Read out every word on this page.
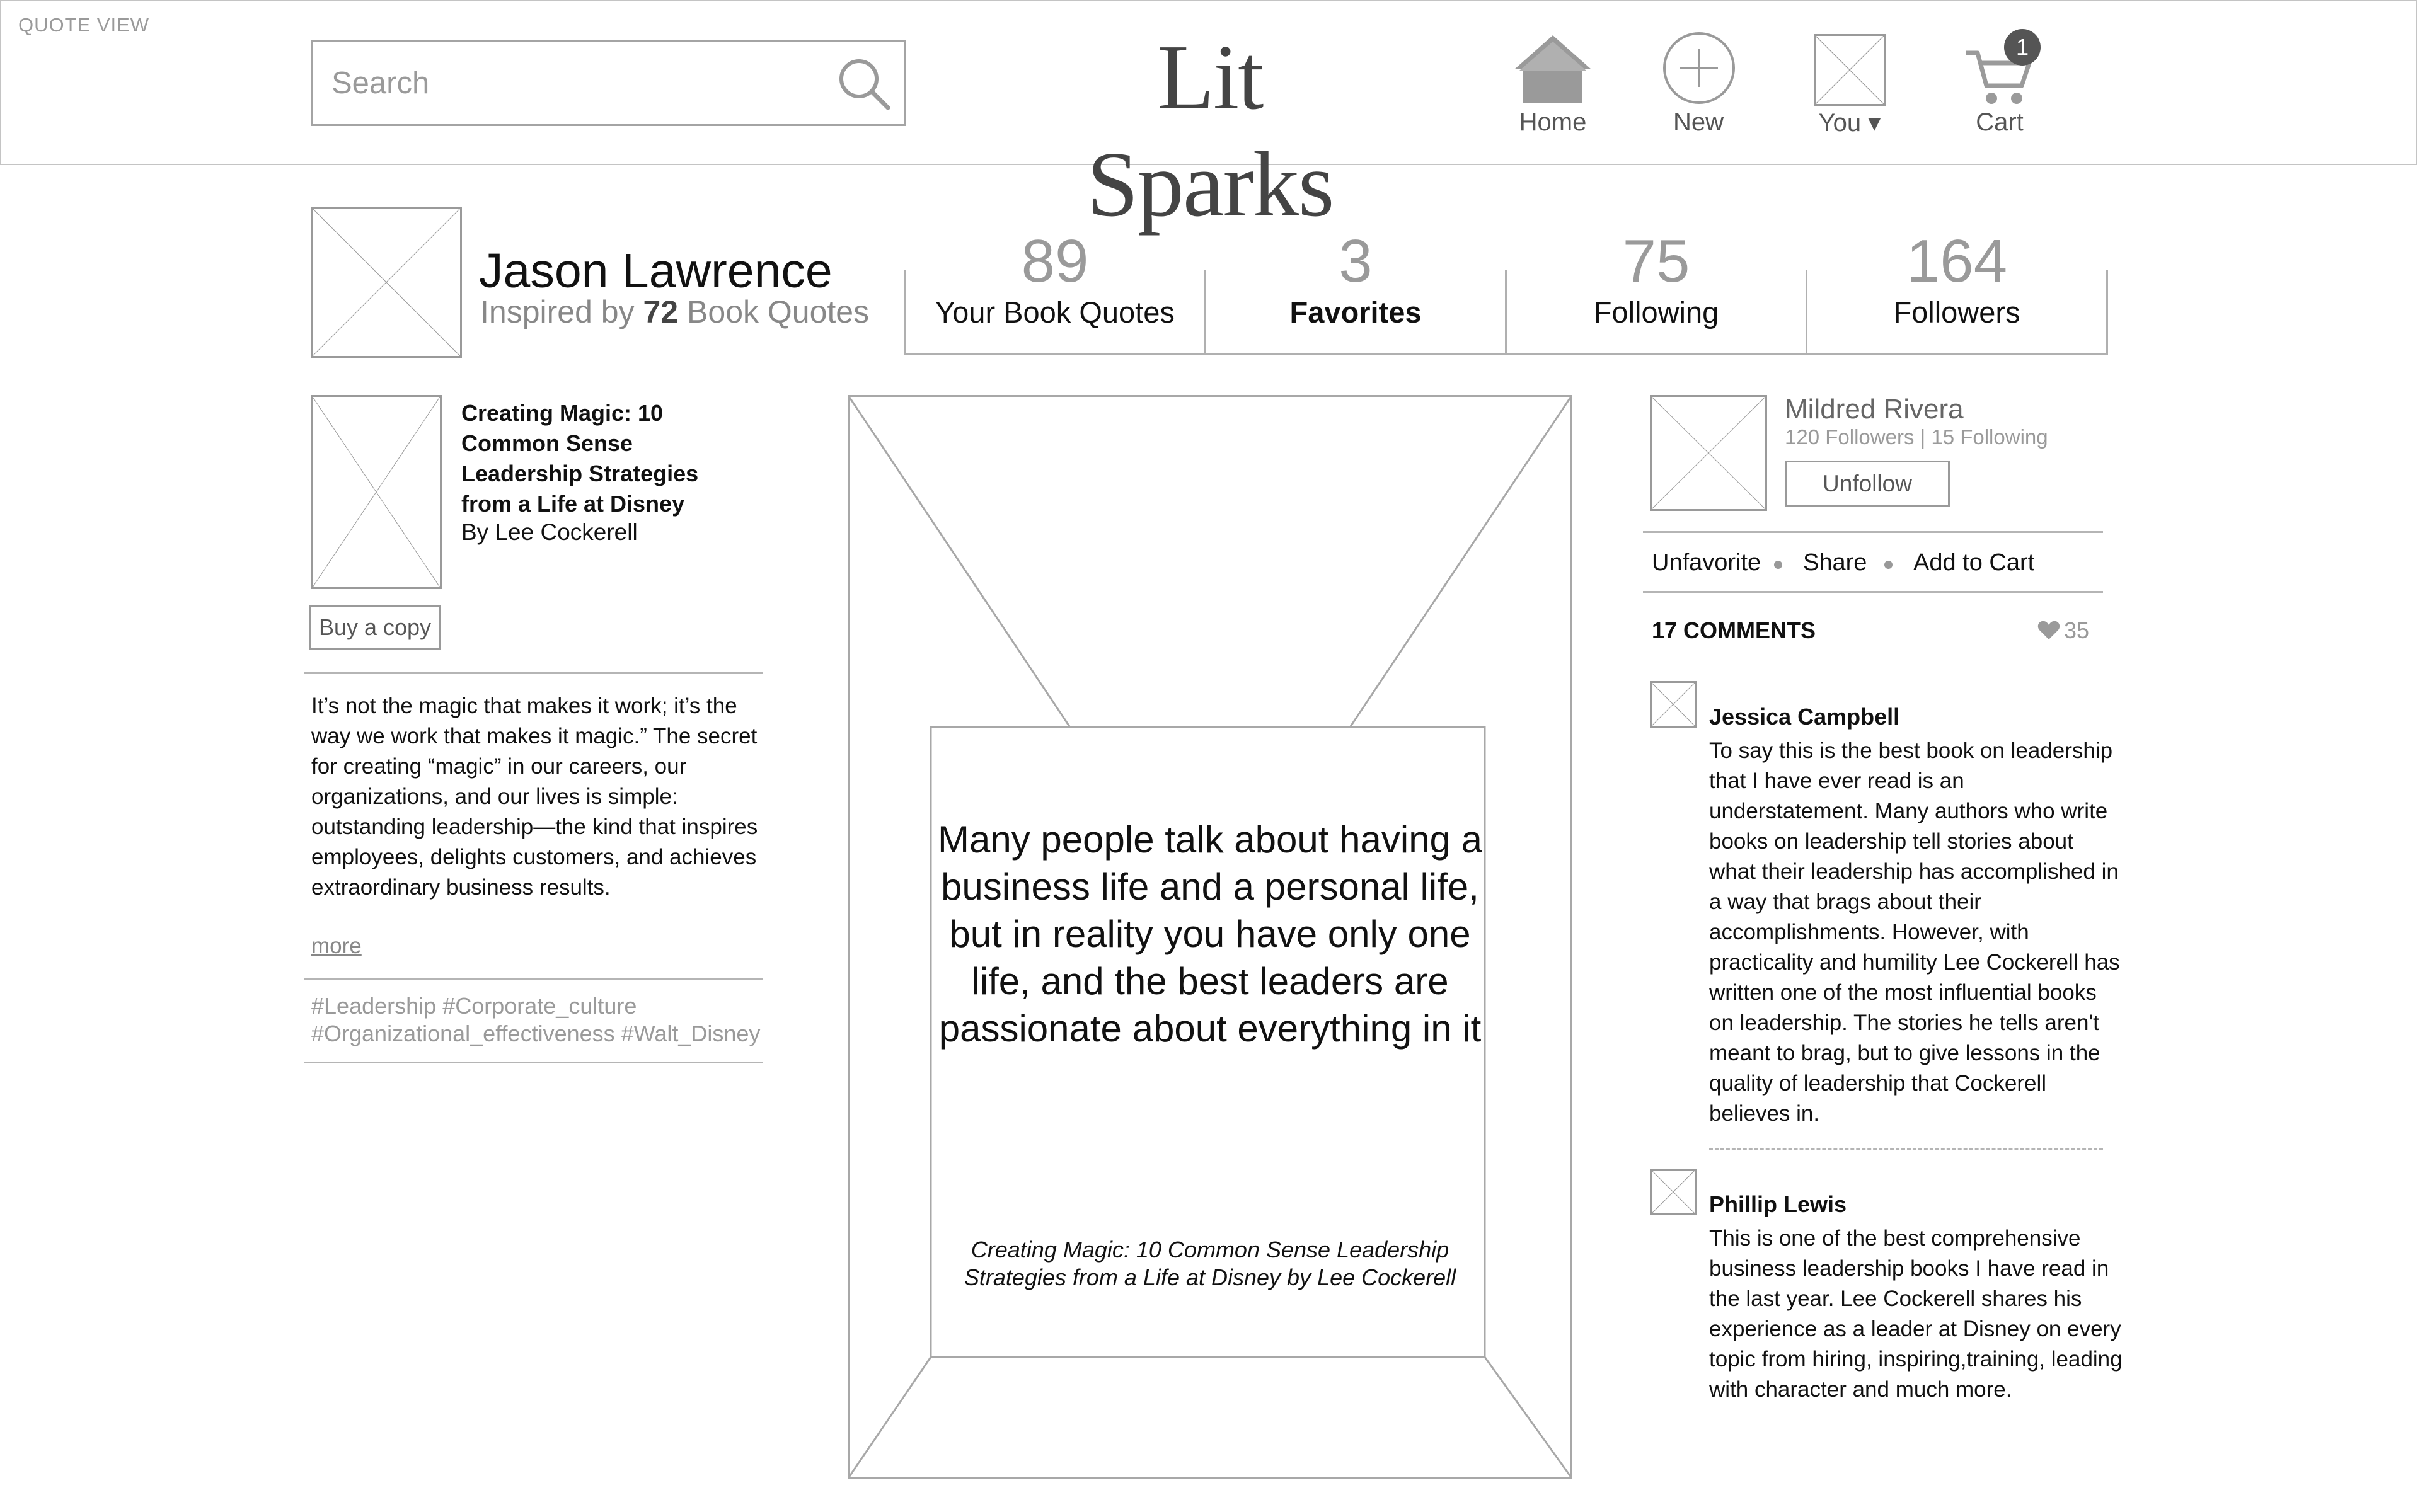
QUOTE VIEW
Search
Lit Sparks
Home	New	You ▾
1
Cart
Jason Lawrence
Inspired by 72 Book Quotes
89
Your Book Quotes
3
Favorites
75
Following
164
Followers
Creating Magic: 10 Common Sense Leadership Strategies from a Life at Disney
By Lee Cockerell
Buy a copy
It’s not the magic that makes it work; it’s the way we work that makes it magic.” The secret for creating “magic” in our careers, our organizations, and our lives is simple: outstanding leadership—the kind that inspires employees, delights customers, and achieves extraordinary business results.
more
#Leadership #Corporate_culture
#Organizational_effectiveness #Walt_Disney
Many people talk about having a business life and a personal life, but in reality you have only one life, and the best leaders are passionate about everything in it
Creating Magic: 10 Common Sense Leadership Strategies from a Life at Disney by Lee Cockerell
Mildred Rivera
120 Followers | 15 Following
Unfollow
Unfavorite Share Add to Cart
17 COMMENTS	35
Jessica Campbell
To say this is the best book on leadership that I have ever read is an understatement. Many authors who write books on leadership tell stories about what their leadership has accomplished in a way that brags about their accomplishments. However, with practicality and humility Lee Cockerell has written one of the most influential books on leadership. The stories he tells aren't meant to brag, but to give lessons in the quality of leadership that Cockerell believes in.
Phillip Lewis
This is one of the best comprehensive business leadership books I have read in the last year. Lee Cockerell shares his experience as a leader at Disney on every topic from hiring, inspiring,training, leading with character and much more.
